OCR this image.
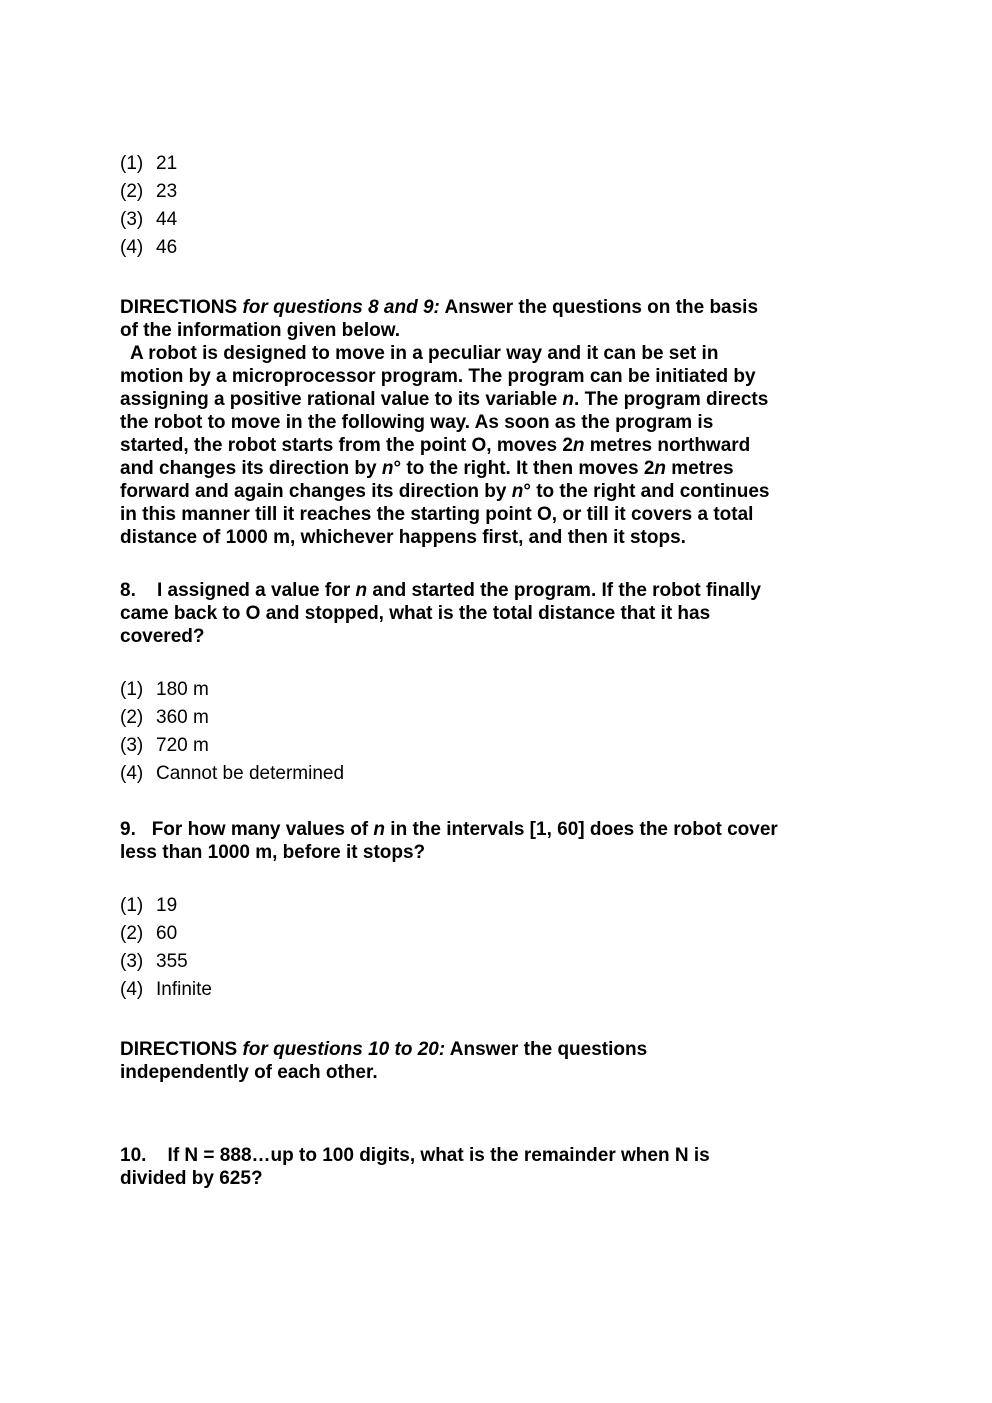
(1) 21
(2) 23
(3) 44
(4) 46
DIRECTIONS for questions 8 and 9: Answer the questions on the basis of the information given below.
A robot is designed to move in a peculiar way and it can be set in motion by a microprocessor program. The program can be initiated by assigning a positive rational value to its variable n. The program directs the robot to move in the following way. As soon as the program is started, the robot starts from the point O, moves 2n metres northward and changes its direction by n° to the right. It then moves 2n metres forward and again changes its direction by n° to the right and continues in this manner till it reaches the starting point O, or till it covers a total distance of 1000 m, whichever happens first, and then it stops.
8. I assigned a value for n and started the program. If the robot finally came back to O and stopped, what is the total distance that it has covered?
(1) 180 m
(2) 360 m
(3) 720 m
(4) Cannot be determined
9. For how many values of n in the intervals [1, 60] does the robot cover less than 1000 m, before it stops?
(1) 19
(2) 60
(3) 355
(4) Infinite
DIRECTIONS for questions 10 to 20: Answer the questions independently of each other.
10. If N = 888…up to 100 digits, what is the remainder when N is divided by 625?
